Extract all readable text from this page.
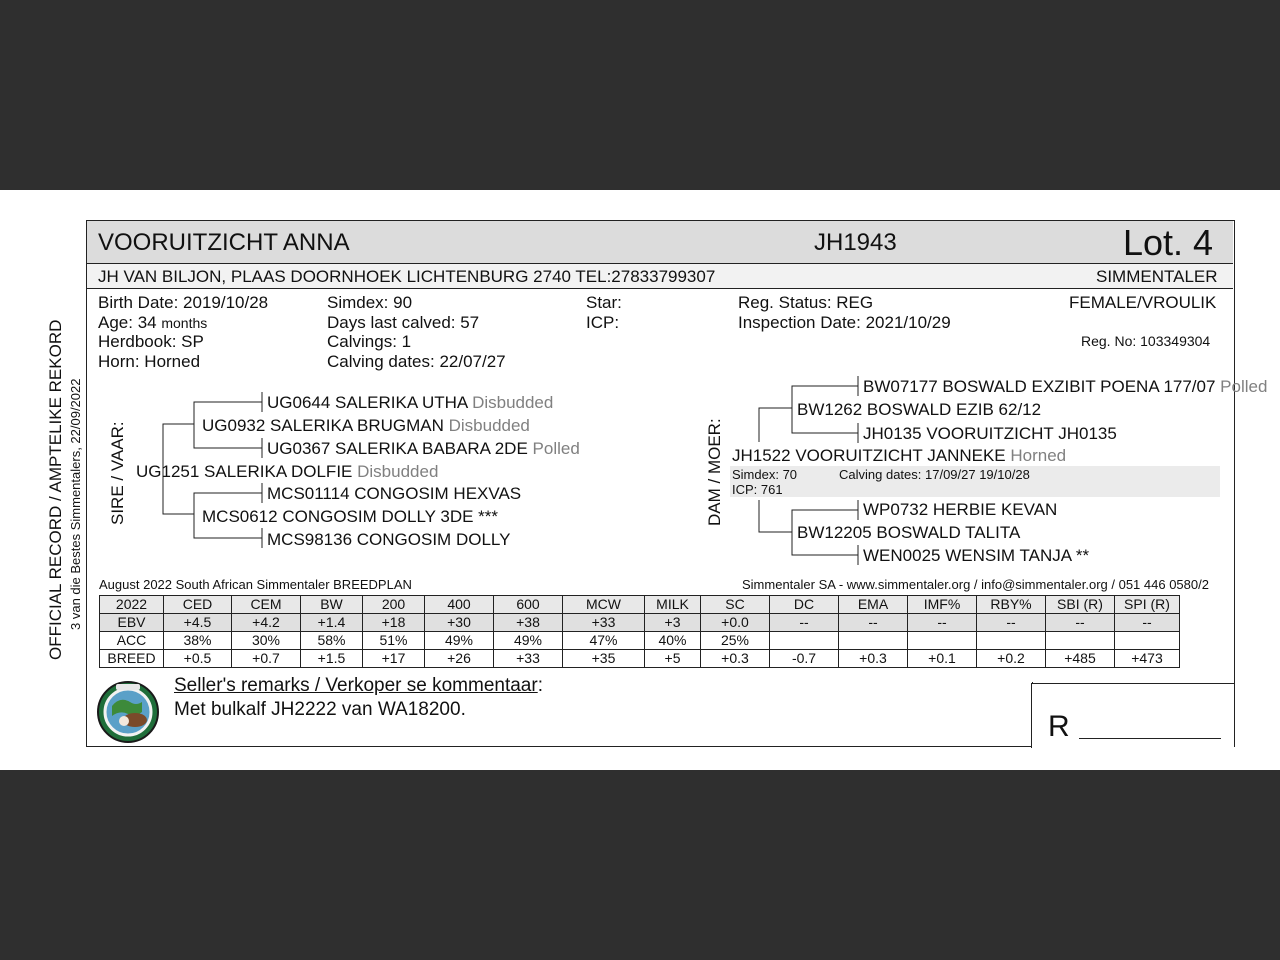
OFFICIAL RECORD / AMPTELIKE REKORD 3 van die Bestes Simmentalers, 22/09/2022
VOORUITZICHT ANNA	JH1943	Lot. 4
JH VAN BILJON, PLAAS DOORNHOEK LICHTENBURG 2740 TEL:27833799307	SIMMENTALER
Birth Date: 2019/10/28
Age: 34 months
Herdbook: SP
Horn: Horned
Simdex: 90
Days last calved: 57
Calvings: 1
Calving dates: 22/07/27
Star:
ICP:
Reg. Status: REG
Inspection Date: 2021/10/29
FEMALE/VROULIK
Reg. No: 103349304
SIRE / VAAR:
UG0644 SALERIKA UTHA Disbudded
UG0932 SALERIKA BRUGMAN Disbudded
UG0367 SALERIKA BABARA 2DE Polled
UG1251 SALERIKA DOLFIE Disbudded
MCS01114 CONGOSIM HEXVAS
MCS0612 CONGOSIM DOLLY 3DE ***
MCS98136 CONGOSIM DOLLY
DAM / MOER:
BW07177 BOSWALD EXZIBIT POENA 177/07 Polled
BW1262 BOSWALD EZIB 62/12
JH0135 VOORUITZICHT JH0135
JH1522 VOORUITZICHT JANNEKE Horned
Simdex: 70	Calving dates: 17/09/27 19/10/28
ICP: 761
WP0732 HERBIE KEVAN
BW12205 BOSWALD TALITA
WEN0025 WENSIM TANJA **
August 2022 South African Simmentaler BREEDPLAN	Simmentaler SA - www.simmentaler.org / info@simmentaler.org / 051 446 0580/2
2022	CED	CEM	BW	200	400	600	MCW	MILK	SC	DC	EMA	IMF%	RBY%	SBI (R)	SPI (R)
EBV	+4.5	+4.2	+1.4	+18	+30	+38	+33	+3	+0.0	--	--	--	--	--	--
ACC	38%	30%	58%	51%	49%	49%	47%	40%	25%						
BREED	+0.5	+0.7	+1.5	+17	+26	+33	+35	+5	+0.3	-0.7	+0.3	+0.1	+0.2	+485	+473
Seller's remarks / Verkoper se kommentaar:
Met bulkalf JH2222 van WA18200.
R
